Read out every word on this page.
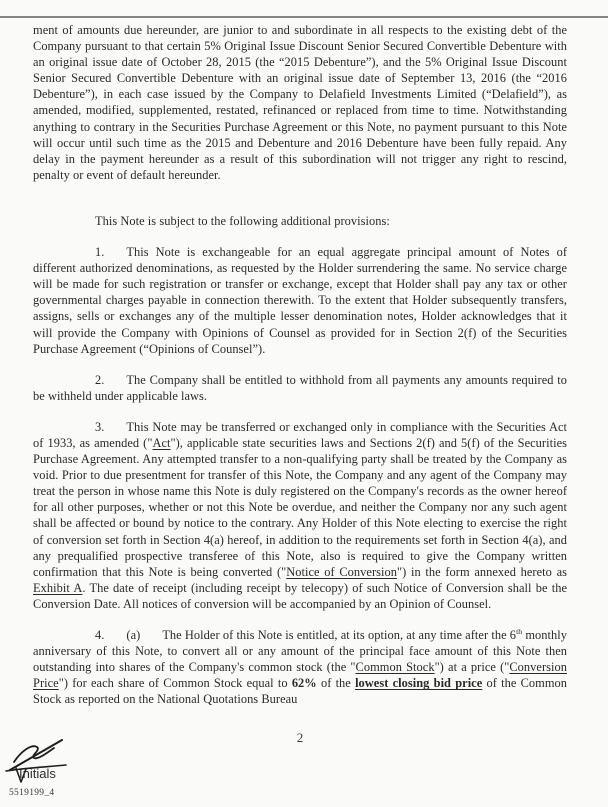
ment of amounts due hereunder, are junior to and subordinate in all respects to the existing debt of the Company pursuant to that certain 5% Original Issue Discount Senior Secured Convertible Debenture with an original issue date of October 28, 2015 (the “2015 Debenture”), and the 5% Original Issue Discount Senior Secured Convertible Debenture with an original issue date of September 13, 2016 (the “2016 Debenture”), in each case issued by the Company to Delafield Investments Limited (“Delafield”), as amended, modified, supplemented, restated, refinanced or replaced from time to time. Notwithstanding anything to contrary in the Securities Purchase Agreement or this Note, no payment pursuant to this Note will occur until such time as the 2015 and Debenture and 2016 Debenture have been fully repaid. Any delay in the payment hereunder as a result of this subordination will not trigger any right to rescind, penalty or event of default hereunder.

This Note is subject to the following additional provisions:

1. This Note is exchangeable for an equal aggregate principal amount of Notes of different authorized denominations, as requested by the Holder surrendering the same. No service charge will be made for such registration or transfer or exchange, except that Holder shall pay any tax or other governmental charges payable in connection therewith. To the extent that Holder subsequently transfers, assigns, sells or exchanges any of the multiple lesser denomination notes, Holder acknowledges that it will provide the Company with Opinions of Counsel as provided for in Section 2(f) of the Securities Purchase Agreement (“Opinions of Counsel”).

2. The Company shall be entitled to withhold from all payments any amounts required to be withheld under applicable laws.

3. This Note may be transferred or exchanged only in compliance with the Securities Act of 1933, as amended ("Act"), applicable state securities laws and Sections 2(f) and 5(f) of the Securities Purchase Agreement. Any attempted transfer to a non-qualifying party shall be treated by the Company as void. Prior to due presentment for transfer of this Note, the Company and any agent of the Company may treat the person in whose name this Note is duly registered on the Company's records as the owner hereof for all other purposes, whether or not this Note be overdue, and neither the Company nor any such agent shall be affected or bound by notice to the contrary. Any Holder of this Note electing to exercise the right of conversion set forth in Section 4(a) hereof, in addition to the requirements set forth in Section 4(a), and any prequalified prospective transferee of this Note, also is required to give the Company written confirmation that this Note is being converted ("Notice of Conversion") in the form annexed hereto as Exhibit A. The date of receipt (including receipt by telecopy) of such Notice of Conversion shall be the Conversion Date. All notices of conversion will be accompanied by an Opinion of Counsel.

4. (a) The Holder of this Note is entitled, at its option, at any time after the 6th monthly anniversary of this Note, to convert all or any amount of the principal face amount of this Note then outstanding into shares of the Company's common stock (the "Common Stock") at a price ("Conversion Price") for each share of Common Stock equal to 62% of the lowest closing bid price of the Common Stock as reported on the National Quotations Bureau

2
Initials
5519199_4
